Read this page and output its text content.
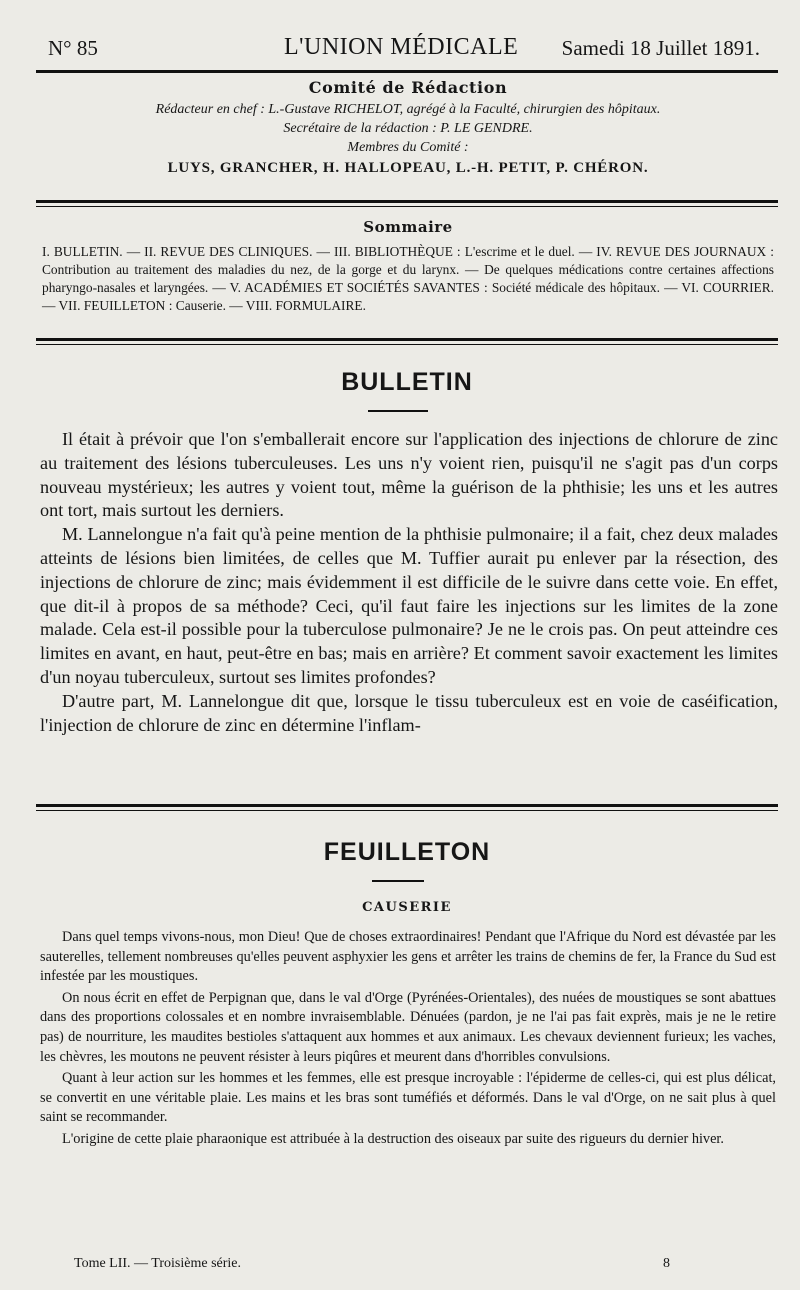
N° 85	L'UNION MÉDICALE Samedi 18 Juillet 1891.
Comité de Rédaction
Rédacteur en chef : L.-Gustave RICHELOT, agrégé à la Faculté, chirurgien des hôpitaux.
Secrétaire de la rédaction : P. LE GENDRE.
Membres du Comité :
LUYS, GRANCHER, H. HALLOPEAU, L.-H. PETIT, P. CHÉRON.
Sommaire

I. BULLETIN. — II. REVUE DES CLINIQUES. — III. BIBLIOTHÈQUE : L'escrime et le duel. — IV. REVUE DES JOURNAUX : Contribution au traitement des maladies du nez, de la gorge et du larynx. — De quelques médications contre certaines affections pharyngo-nasales et laryngées. — V. ACADÉMIES ET SOCIÉTÉS SAVANTES : Société médicale des hôpitaux. — VI. COURRIER. — VII. FEUILLETON : Causerie. — VIII. FORMULAIRE.

BULLETIN

Il était à prévoir que l'on s'emballerait encore sur l'application des injections de chlorure de zinc au traitement des lésions tuberculeuses. Les uns n'y voient rien, puisqu'il ne s'agit pas d'un corps nouveau mystérieux; les autres y voient tout, même la guérison de la phthisie; les uns et les autres ont tort, mais surtout les derniers.

M. Lannelongue n'a fait qu'à peine mention de la phthisie pulmonaire; il a fait, chez deux malades atteints de lésions bien limitées, de celles que M. Tuffier aurait pu enlever par la résection, des injections de chlorure de zinc; mais évidemment il est difficile de le suivre dans cette voie. En effet, que dit-il à propos de sa méthode? Ceci, qu'il faut faire les injections sur les limites de la zone malade. Cela est-il possible pour la tuberculose pulmonaire? Je ne le crois pas. On peut atteindre ces limites en avant, en haut, peut-être en bas; mais en arrière? Et comment savoir exactement les limites d'un noyau tuberculeux, surtout ses limites profondes?

D'autre part, M. Lannelongue dit que, lorsque le tissu tuberculeux est en voie de caséification, l'injection de chlorure de zinc en détermine l'inflam-

FEUILLETON
CAUSERIE

Dans quel temps vivons-nous, mon Dieu! Que de choses extraordinaires! Pendant que l'Afrique du Nord est dévastée par les sauterelles, tellement nombreuses qu'elles peuvent asphyxier les gens et arrêter les trains de chemins de fer, la France du Sud est infestée par les moustiques.

On nous écrit en effet de Perpignan que, dans le val d'Orge (Pyrénées-Orientales), des nuées de moustiques se sont abattues dans des proportions colossales et en nombre invraisemblable. Dénuées (pardon, je ne l'ai pas fait exprès, mais je ne le retire pas) de nourriture, les maudites bestioles s'attaquent aux hommes et aux animaux. Les chevaux deviennent furieux; les vaches, les chèvres, les moutons ne peuvent résister à leurs piqûres et meurent dans d'horribles convulsions.

Quant à leur action sur les hommes et les femmes, elle est presque incroyable : l'épiderme de celles-ci, qui est plus délicat, se convertit en une véritable plaie. Les mains et les bras sont tuméfiés et déformés. Dans le val d'Orge, on ne sait plus à quel saint se recommander.

L'origine de cette plaie pharaonique est attribuée à la destruction des oiseaux par suite des rigueurs du dernier hiver.

Tome LII. — Troisième série.	8
